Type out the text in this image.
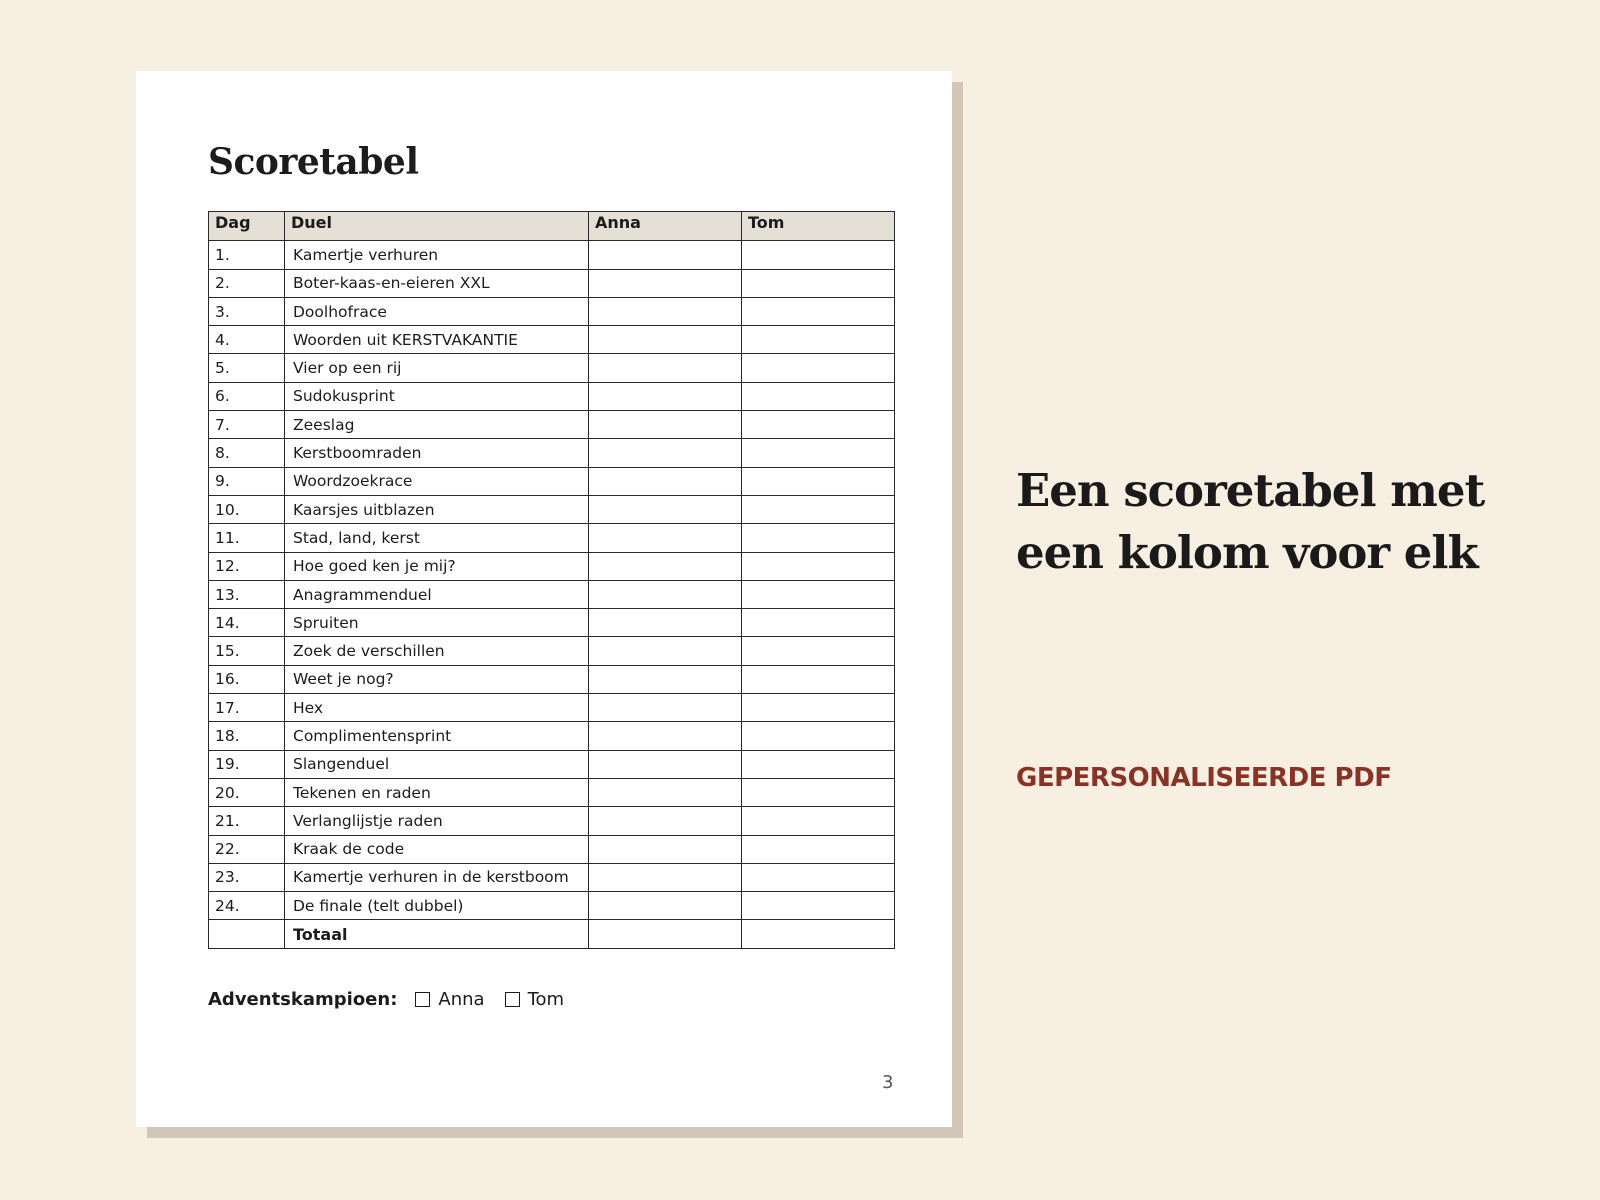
Scoretabel
Dag	Duel	Anna	Tom
1.	Kamertje verhuren		
2.	Boter-kaas-en-eieren XXL		
3.	Doolhofrace		
4.	Woorden uit KERSTVAKANTIE		
5.	Vier op een rij		
6.	Sudokusprint		
7.	Zeeslag		
8.	Kerstboomraden		
9.	Woordzoekrace		
10.	Kaarsjes uitblazen		
11.	Stad, land, kerst		
12.	Hoe goed ken je mij?		
13.	Anagrammenduel		
14.	Spruiten		
15.	Zoek de verschillen		
16.	Weet je nog?		
17.	Hex		
18.	Complimentensprint		
19.	Slangenduel		
20.	Tekenen en raden		
21.	Verlanglijstje raden		
22.	Kraak de code		
23.	Kamertje verhuren in de kerstboom		
24.	De finale (telt dubbel)		
	Totaal		
Adventskampioen: Anna Tom
3
Een scoretabel met een kolom voor elk
GEPERSONALISEERDE PDF
